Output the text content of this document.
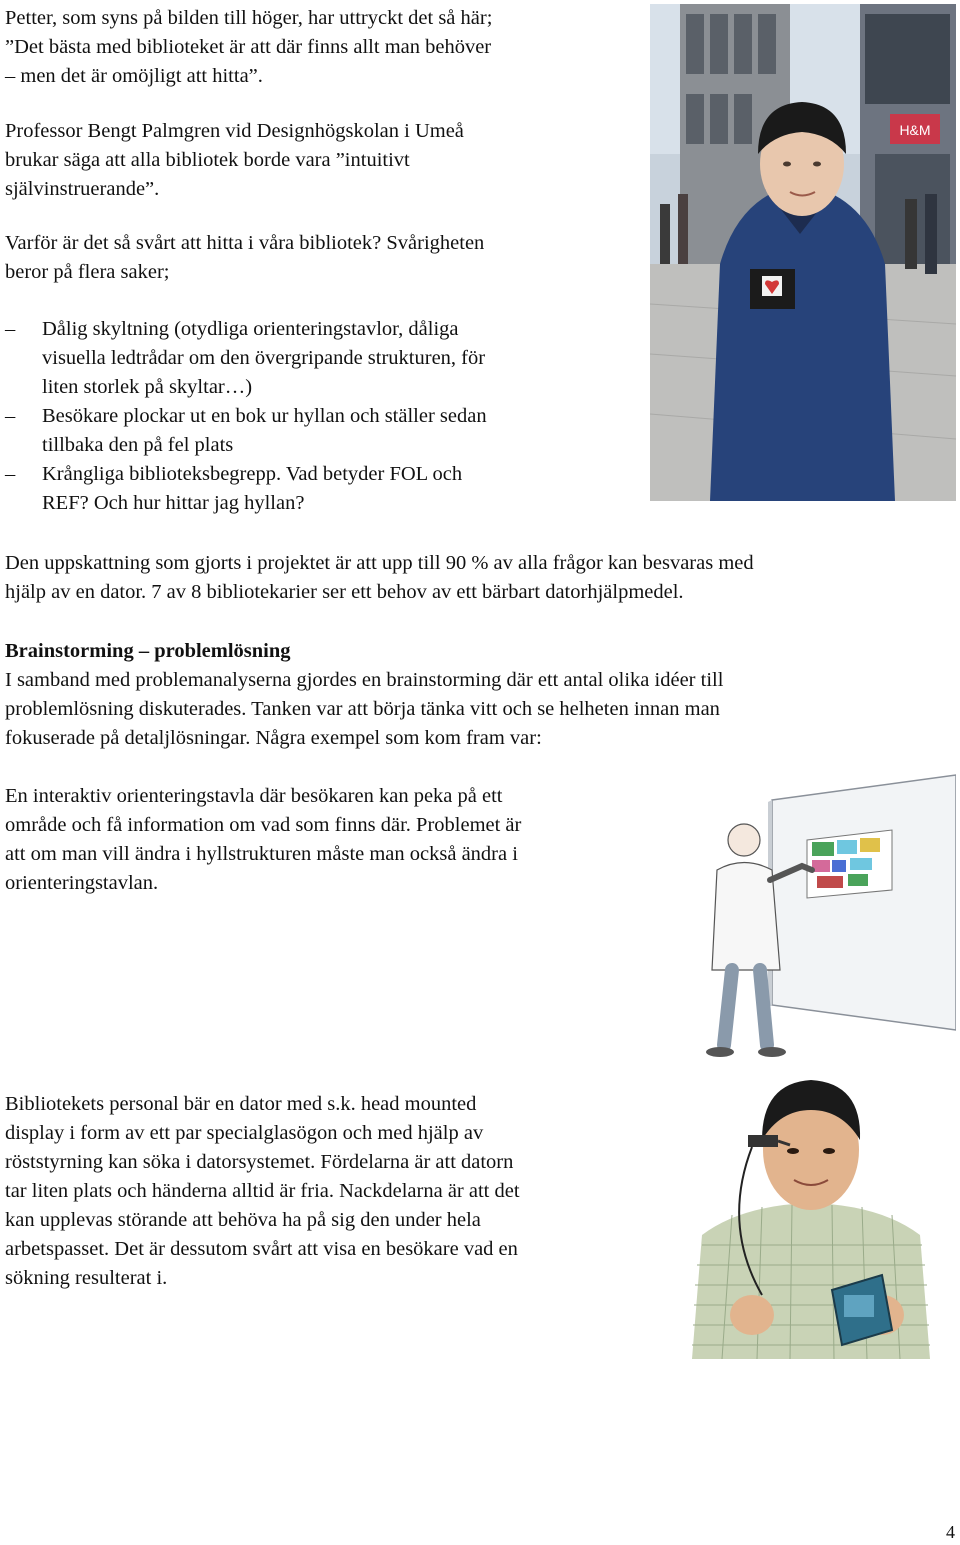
Petter, som syns på bilden till höger, har uttryckt det så här;
”Det bästa med biblioteket är att där finns allt man behöver
– men det är omöjligt att hitta”.
Professor Bengt Palmgren vid Designhögskolan i Umeå
brukar säga att alla bibliotek borde vara ”intuitivt
självinstruerande”.
Varför är det så svårt att hitta i våra bibliotek? Svårigheten
beror på flera saker;
– Dålig skyltning (otydliga orienteringstavlor, dåliga
visuella ledtrådar om den övergripande strukturen, för
liten storlek på skyltar…)
– Besökare plockar ut en bok ur hyllan och ställer sedan
tillbaka den på fel plats
– Krångliga biblioteksbegrepp. Vad betyder FOL och
REF? Och hur hittar jag hyllan?
H&M
Den uppskattning som gjorts i projektet är att upp till 90 % av alla frågor kan besvaras med
hjälp av en dator. 7 av 8 bibliotekarier ser ett behov av ett bärbart datorhjälpmedel.
Brainstorming – problemlösning
I samband med problemanalyserna gjordes en brainstorming där ett antal olika idéer till
problemlösning diskuterades. Tanken var att börja tänka vitt och se helheten innan man
fokuserade på detaljlösningar. Några exempel som kom fram var:
En interaktiv orienteringstavla där besökaren kan peka på ett
område och få information om vad som finns där. Problemet är
att om man vill ändra i hyllstrukturen måste man också ändra i
orienteringstavlan.
Bibliotekets personal bär en dator med s.k. head mounted
display i form av ett par specialglasögon och med hjälp av
röststyrning kan söka i datorsystemet. Fördelarna är att datorn
tar liten plats och händerna alltid är fria. Nackdelarna är att det
kan upplevas störande att behöva ha på sig den under hela
arbetspasset. Det är dessutom svårt att visa en besökare vad en
sökning resulterat i.
4
